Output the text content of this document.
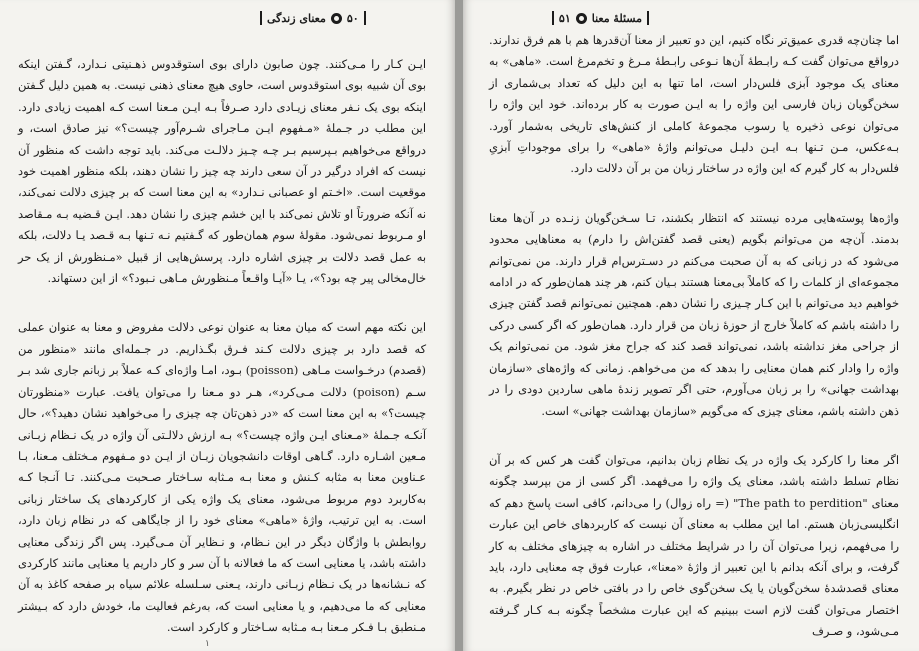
۵۰
معنای زندگی

ایـن کـار را مـی‌کنند. چون صابون دارای بوی استوقدوس ذهـنیتی نـدارد، گـفتن اینکه بوی آن شبیه بوی استوقدوس است، حاوی هیچ معنای ذهنی نیست. به همین دلیل گـفتن اینکه بوی یک نـفر معنای زیـادی دارد صـرفاً بـه ایـن مـعنا است کـه اهمیت زیادی دارد. این مطلب در جـملهٔ «مـفهوم ایـن مـاجرای شـرم‌آور چیست؟» نیز صادق است، و درواقع می‌خواهیم بـپرسیم بـر چـه چـیز دلالـت می‌کند. باید توجه داشت که منظور آن نیست که افراد درگیر در آن سعی دارند چه چیز را نشان دهند، بلکه منظور اهمیت خود موقعیت است. «اخـتم او عصبانی نـدارد» به این معنا است که بر چیزی دلالت نمی‌کند، نه آنکه ضرورتاً او تلاش نمی‌کند با این خشم چیزی را نشان دهد. ایـن قـضیه بـه مـقاصد او مـربوط نمی‌شود. مقولهٔ سوم همان‌طور که گـفتیم نـه تـنها بـه قـصد یـا دلالت، بلکه به عمل قصد دلالت بر چیزی اشاره دارد. پرسش‌هایی از قبیل «مـنظورش از یک حر خال‌مخالی پیر چه بود؟»، یـا «آیـا واقـعاً مـنظورش مـاهی نـبود؟» از این دستهاند.

این نکته مهم است که میان معنا به عنوان نوعی دلالت مفروض و معنا به عنوان عملی که قصد دارد بر چیزی دلالت کـند فـرق بگـذاریم. در جـمله‌ای مانند «منظور من (قصدم) درخـواست مـاهی (poisson) بـود، امـا واژه‌ای کـه عملاً بر زبانم جاری شد بـر سـم (poison) دلالت مـی‌کرد»، هـر دو مـعنا را می‌توان یافت. عبارت «منظورتان چیست؟» به این معنا است که «در ذهن‌تان چه چیزی را می‌خواهید نشان دهید؟»، حال آنکـه جـملهٔ «مـعنای ایـن واژه چیست؟» بـه ارزش دلالـتی آن واژه در یک نـظام زبـانی مـعین اشـاره دارد. گـاهی اوقات دانشجویان زبـان از ایـن دو مـفهوم مـختلف مـعنا، بـا عـناوین معنا به مثابه کـنش و معنا بـه مـثابه سـاختار صـحبت مـی‌کنند. تـا آنـجا کـه به‌کاربرد دوم مربوط می‌شود، معنای یک واژه یکی از کارکردهای یک ساختار زبانی است. به این ترتیب، واژهٔ «ماهی» معنای خود را از جایگاهی که در نظام زبان دارد، روابطش با واژگان دیگر در این نـظام، و نـظایر آن مـی‌گیرد. پس اگر زندگی معنایی داشته باشد، یا معنایی است که ما فعالانه با آن سر و کار داریم یا معنایی مانند کارکردی که نـشانه‌ها در یک نـظام زبـانی دارند، یـعنی سـلسله علائم سیاه بر صفحه کاغذ به آن معنایی که ما می‌دهیم، و یا معنایی است که، به‌رغم فعالیت ما، خودش دارد که بـیشتر مـنطبق بـا فـکر مـعنا بـه مـثابه سـاختار و کارکرد است.

۱
مسئلهٔ معنا
۵۱

اما چنان‌چه قدری عمیق‌تر نگاه کنیم، این دو تعبیر از معنا آن‌قدرها هم با هم فرق ندارند. درواقع می‌توان گفت کـه رابـطهٔ آن‌ها نـوعی رابـطهٔ مـرغ و تخم‌مرغ است. «ماهی» به معنای یک موجود آبزی فلس‌دار است، اما تنها به این دلیل که تعداد بی‌شماری از سخن‌گویان زبان فارسی این واژه را به ایـن صورت به کار برده‌اند. خود این واژه را می‌توان نوعی ذخیره یا رسوب مجموعهٔ کاملی از کنش‌های تاریخی به‌شمار آورد. بـه‌عکس، مـن تـنها بـه ایـن دلیـل می‌توانم واژهٔ «ماهی» را برای موجوداتِ آبزیِ فلس‌دار به کار گیرم که این واژه در ساختار زبان من بر آن دلالت دارد.

واژه‌ها پوسته‌هایی مرده نیستند که انتظار بکشند، تـا سـخن‌گویان زنـده در آن‌ها معنا بدمند. آن‌چه من می‌توانم بگویم (یعنی قصد گفتن‌اش را دارم) به معناهایی محدود می‌شود که در زبانی که به آن صحبت می‌کنم در دسـترس‌ام قرار دارند. من نمی‌توانم مجموعه‌ای از کلمات را که کاملاً بی‌معنا هستند بـیان کنم، هر چند همان‌طور که در ادامه خواهیم دید می‌توانم با این کـار چـیزی را نشان دهم. همچنین نمی‌توانم قصد گفتن چیزی را داشته باشم که کاملاً خارج از حوزهٔ زبان من قرار دارد. همان‌طور که اگر کسی درکی از جراحی مغز نداشته باشد، نمی‌تواند قصد کند که جراح مغز شود. من نمی‌توانم یک واژه را وادار کنم همان معنایی را بدهد که من می‌خواهم. زمانی که واژه‌های «سازمان بهداشت جهانی» را بر زبان می‌آورم، حتی اگر تصویر زندهٔ ماهی ساردین دودی را در ذهن داشته باشم، معنای چیزی که می‌گویم «سازمان بهداشت جهانی» است.

اگر معنا را کارکرد یک واژه در یک نظام زبان بدانیم، می‌توان گفت هر کس که بر آن نظام تسلط داشته باشد، معنای یک واژه را می‌فهمد. اگر کسی از من بپرسد چگونه معنای "The path to perdition" (= راه زوال) را می‌دانم، کافی است پاسخ دهم که انگلیسی‌زبان هستم. اما این مطلب به معنای آن نیست که کاربردهای خاص این عبارت را می‌فهمم، زیرا می‌توان آن را در شرایط مختلف در اشاره به چیزهای مختلف به کار گرفت، و برای آنکه بدانم با این تعبیر از واژهٔ «معنا»، عبارت فوق چه معنایی دارد، باید معنای قصدشدهٔ سخن‌گویان یا یک سخن‌گوی خاص را در بافتی خاص در نظر بگیرم. به اختصار می‌توان گفت لازم است ببینیم که این عبارت مشخصاً چگونه بـه کـار گـرفته مـی‌شود، و صـرف
